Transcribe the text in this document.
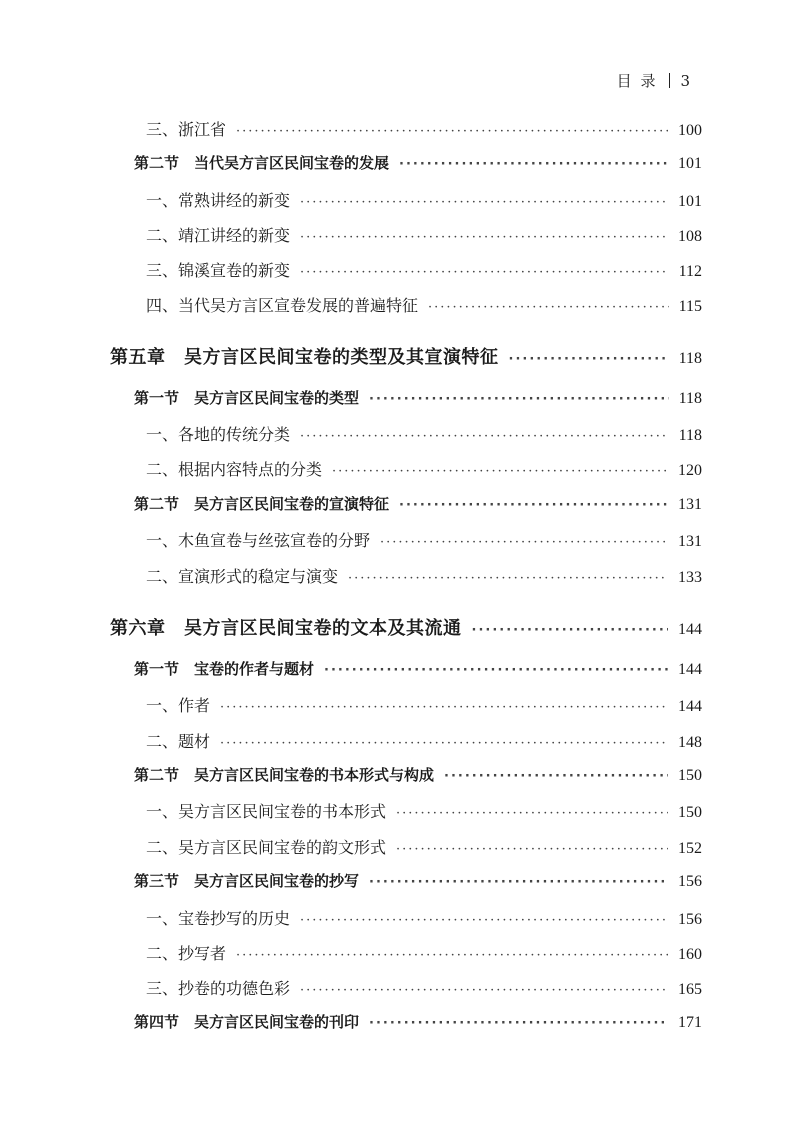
目 录 3
三、浙江省 ·····	100
第二节　当代吴方言区民间宝卷的发展 ·····	101
一、常熟讲经的新变 ·····	101
二、靖江讲经的新变 ·····	108
三、锦溪宣卷的新变 ·····	112
四、当代吴方言区宣卷发展的普遍特征 ·····	115
第五章　吴方言区民间宝卷的类型及其宣演特征 ·····	118
第一节　吴方言区民间宝卷的类型 ·····	118
一、各地的传统分类 ·····	118
二、根据内容特点的分类 ·····	120
第二节　吴方言区民间宝卷的宣演特征 ·····	131
一、木鱼宣卷与丝弦宣卷的分野 ·····	131
二、宣演形式的稳定与演变 ·····	133
第六章　吴方言区民间宝卷的文本及其流通 ·····	144
第一节　宝卷的作者与题材 ·····	144
一、作者 ·····	144
二、题材 ·····	148
第二节　吴方言区民间宝卷的书本形式与构成 ·····	150
一、吴方言区民间宝卷的书本形式 ·····	150
二、吴方言区民间宝卷的韵文形式 ·····	152
第三节　吴方言区民间宝卷的抄写 ·····	156
一、宝卷抄写的历史 ·····	156
二、抄写者 ·····	160
三、抄卷的功德色彩 ·····	165
第四节　吴方言区民间宝卷的刊印 ·····	171
